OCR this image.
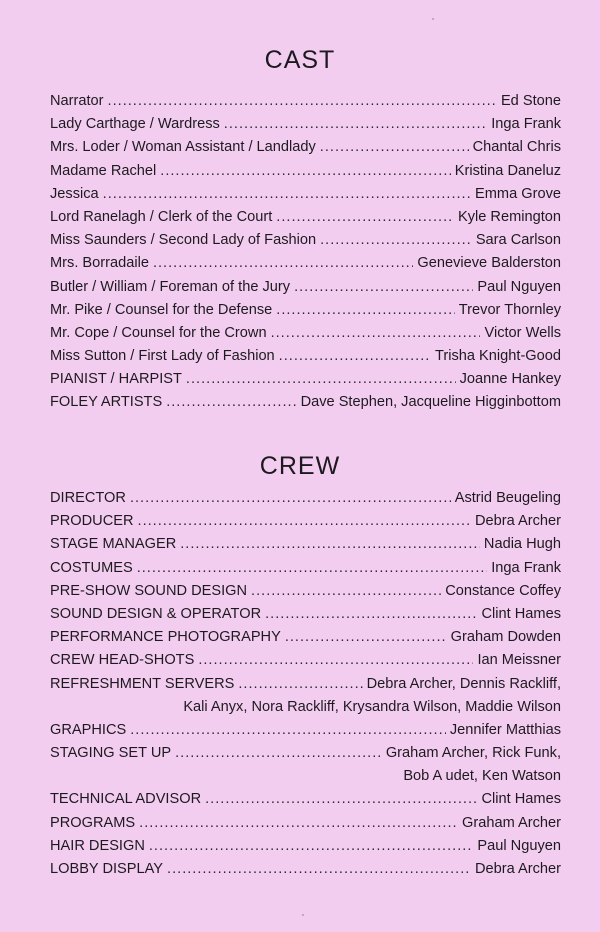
CAST
Narrator .....	Ed Stone
Lady Carthage / Wardress .....	Inga Frank
Mrs. Loder / Woman Assistant / Landlady .....	Chantal Chris
Madame Rachel .....	Kristina Daneluz
Jessica .....	Emma Grove
Lord Ranelagh / Clerk of the Court .....	Kyle Remington
Miss Saunders / Second Lady of Fashion .....	Sara Carlson
Mrs. Borradaile .....	Genevieve Balderston
Butler / William / Foreman of the Jury .....	Paul Nguyen
Mr. Pike / Counsel for the Defense .....	Trevor Thornley
Mr. Cope / Counsel for the Crown .....	Victor Wells
Miss Sutton / First Lady of Fashion .....	Trisha Knight-Good
PIANIST / HARPIST .....	Joanne Hankey
FOLEY ARTISTS .....	Dave Stephen, Jacqueline Higginbottom
CREW
DIRECTOR .....	Astrid Beugeling
PRODUCER .....	Debra Archer
STAGE MANAGER .....	Nadia Hugh
COSTUMES .....	Inga Frank
PRE-SHOW SOUND DESIGN .....	Constance Coffey
SOUND DESIGN & OPERATOR .....	Clint Hames
PERFORMANCE PHOTOGRAPHY .....	Graham Dowden
CREW HEAD-SHOTS .....	Ian Meissner
REFRESHMENT SERVERS .....	Debra Archer, Dennis Rackliff,
Kali Anyx, Nora Rackliff, Krysandra Wilson, Maddie Wilson
GRAPHICS .....	Jennifer Matthias
STAGING SET UP .....	Graham Archer, Rick Funk,
Bob A udet, Ken Watson
TECHNICAL ADVISOR .....	Clint Hames
PROGRAMS .....	Graham Archer
HAIR DESIGN .....	Paul Nguyen
LOBBY DISPLAY .....	Debra Archer
